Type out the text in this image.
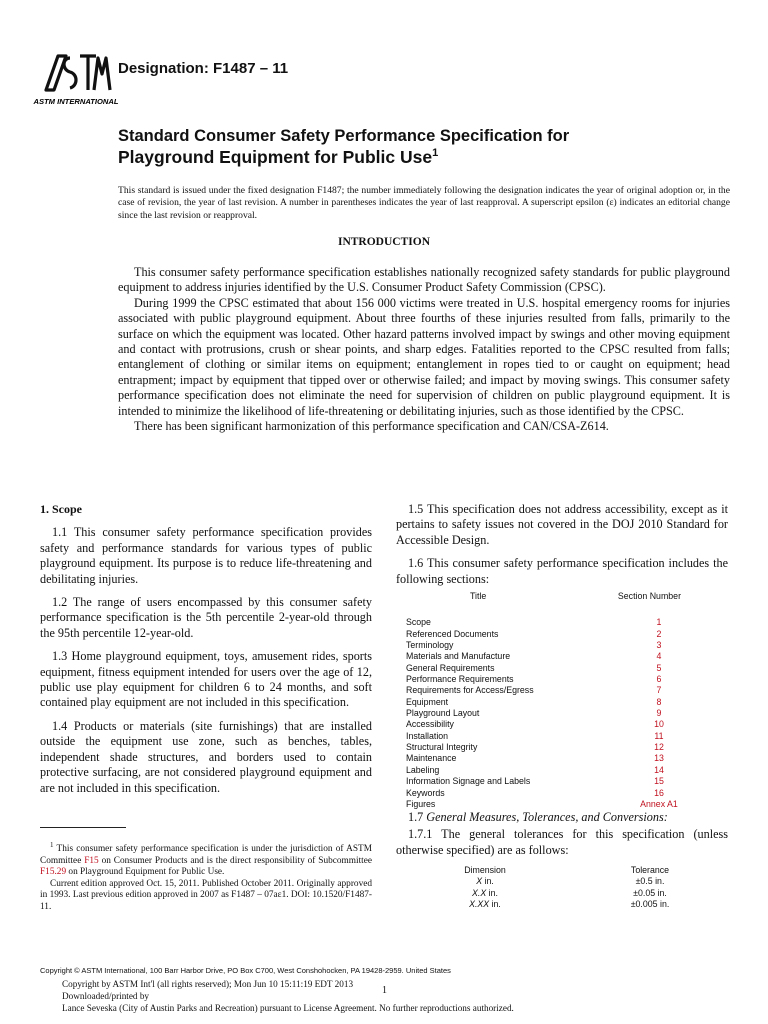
ASTM INTERNATIONAL
Designation: F1487 – 11
Standard Consumer Safety Performance Specification for
Playground Equipment for Public Use$^1$
This standard is issued under the fixed designation F1487; the number immediately following the designation indicates the year of original adoption or, in the case of revision, the year of last revision. A number in parentheses indicates the year of last reapproval. A superscript epsilon (ε) indicates an editorial change since the last revision or reapproval.
INTRODUCTION

This consumer safety performance specification establishes nationally recognized safety standards for public playground equipment to address injuries identified by the U.S. Consumer Product Safety Commission (CPSC).

During 1999 the CPSC estimated that about 156 000 victims were treated in U.S. hospital emergency rooms for injuries associated with public playground equipment. About three fourths of these injuries resulted from falls, primarily to the surface on which the equipment was located. Other hazard patterns involved impact by swings and other moving equipment and contact with protrusions, crush or shear points, and sharp edges. Fatalities reported to the CPSC resulted from falls; entanglement of clothing or similar items on equipment; entanglement in ropes tied to or caught on equipment; head entrapment; impact by equipment that tipped over or otherwise failed; and impact by moving swings. This consumer safety performance specification does not eliminate the need for supervision of children on public playground equipment. It is intended to minimize the likelihood of life-threatening or debilitating injuries, such as those identified by the CPSC.

There has been significant harmonization of this performance specification and CAN/CSA-Z614.

1. Scope

1.1 This consumer safety performance specification provides safety and performance standards for various types of public playground equipment. Its purpose is to reduce life-threatening and debilitating injuries.

1.2 The range of users encompassed by this consumer safety performance specification is the 5th percentile 2-year-old through the 95th percentile 12-year-old.

1.3 Home playground equipment, toys, amusement rides, sports equipment, fitness equipment intended for users over the age of 12, public use play equipment for children 6 to 24 months, and soft contained play equipment are not included in this specification.

1.4 Products or materials (site furnishings) that are installed outside the equipment use zone, such as benches, tables, independent shade structures, and borders used to contain protective surfacing, are not considered playground equipment and are not included in this specification.

$^1$ This consumer safety performance specification is under the jurisdiction of ASTM Committee F15 on Consumer Products and is the direct responsibility of Subcommittee F15.29 on Playground Equipment for Public Use.

Current edition approved Oct. 15, 2011. Published October 2011. Originally approved in 1993. Last previous edition approved in 2007 as F1487 – 07aε1. DOI: 10.1520/F1487-11.

1.5 This specification does not address accessibility, except as it pertains to safety issues not covered in the DOJ 2010 Standard for Accessible Design.

1.6 This consumer safety performance specification includes the following sections:

Title	Section Number
Scope	1
Referenced Documents	2
Terminology	3
Materials and Manufacture	4
General Requirements	5
Performance Requirements	6
Requirements for Access/Egress	7
Equipment	8
Playground Layout	9
Accessibility	10
Installation	11
Structural Integrity	12
Maintenance	13
Labeling	14
Information Signage and Labels	15
Keywords	16
Figures	Annex A1

1.7 General Measures, Tolerances, and Conversions:

1.7.1 The general tolerances for this specification (unless otherwise specified) are as follows:

Dimension	Tolerance
X in.	±0.5 in.
X.X in.	±0.05 in.
X.XX in.	±0.005 in.
Copyright © ASTM International, 100 Barr Harbor Drive, PO Box C700, West Conshohocken, PA 19428-2959. United States
Copyright by ASTM Int'l (all rights reserved); Mon Jun 10 15:11:19 EDT 2013
Downloaded/printed by
Lance Seveska (City of Austin Parks and Recreation) pursuant to License Agreement. No further reproductions authorized.
1
